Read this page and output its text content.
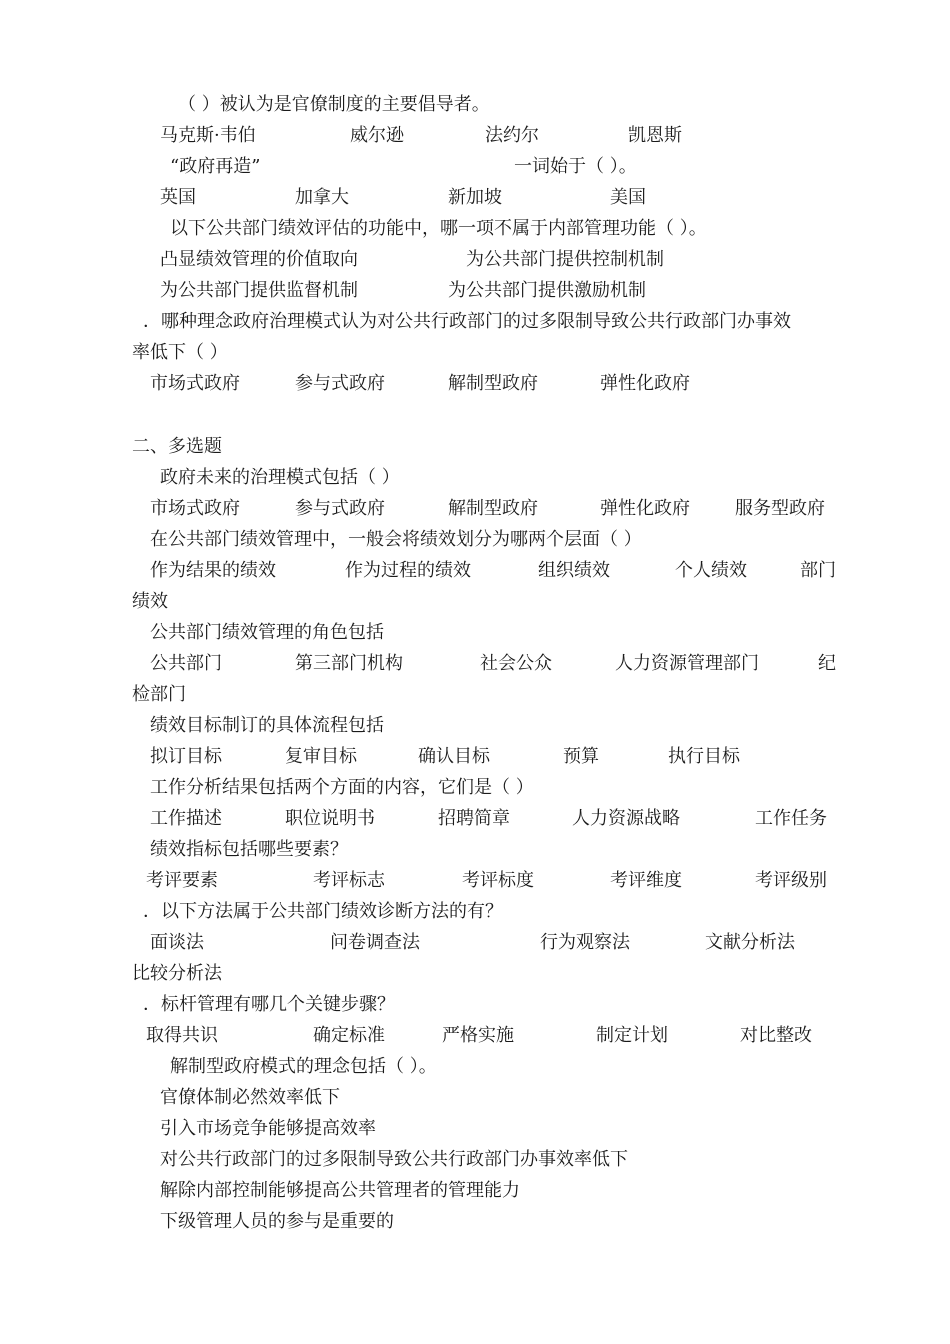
（ ）被认为是官僚制度的主要倡导者。
马克斯·韦伯	威尔逊	法约尔	凯恩斯
“政府再造”	一词始于（ ）。
英国	加拿大	新加坡	美国
以下公共部门绩效评估的功能中，哪一项不属于内部管理功能（ ）。
凸显绩效管理的价值取向	为公共部门提供控制机制
为公共部门提供监督机制	为公共部门提供激励机制
．哪种理念政府治理模式认为对公共行政部门的过多限制导致公共行政部门办事效
率低下（ ）
市场式政府	参与式政府	解制型政府	弹性化政府
二、多选题
政府未来的治理模式包括（ ）
市场式政府	参与式政府	解制型政府	弹性化政府	服务型政府
在公共部门绩效管理中，一般会将绩效划分为哪两个层面（ ）
作为结果的绩效	作为过程的绩效	组织绩效	个人绩效	部门
绩效
公共部门绩效管理的角色包括
公共部门	第三部门机构	社会公众	人力资源管理部门	纪
检部门
绩效目标制订的具体流程包括
拟订目标	复审目标	确认目标	预算	执行目标
工作分析结果包括两个方面的内容，它们是（ ）
工作描述	职位说明书	招聘简章	人力资源战略	工作任务
绩效指标包括哪些要素？
考评要素	考评标志	考评标度	考评维度	考评级别
．以下方法属于公共部门绩效诊断方法的有？
面谈法	问卷调查法	行为观察法	文献分析法
比较分析法
．标杆管理有哪几个关键步骤？
取得共识	确定标准	严格实施	制定计划	对比整改
解制型政府模式的理念包括（ ）。
官僚体制必然效率低下
引入市场竞争能够提高效率
对公共行政部门的过多限制导致公共行政部门办事效率低下
解除内部控制能够提高公共管理者的管理能力
下级管理人员的参与是重要的
